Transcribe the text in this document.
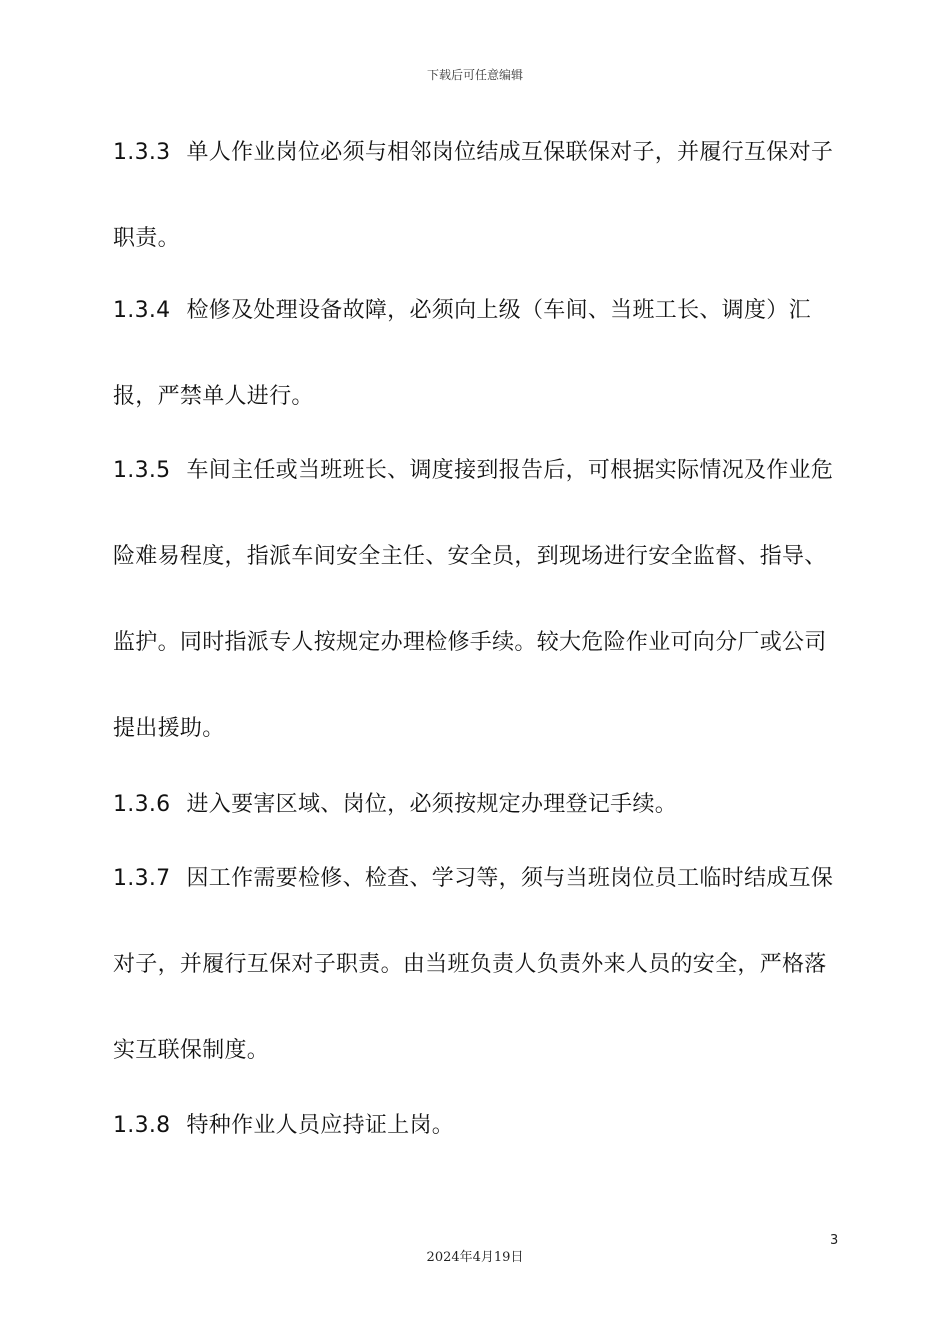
下载后可任意编辑

1.3.3 单人作业岗位必须与相邻岗位结成互保联保对子，并履行互保对子职责。

1.3.4 检修及处理设备故障，必须向上级（车间、当班工长、调度）汇报，严禁单人进行。

1.3.5 车间主任或当班班长、调度接到报告后，可根据实际情况及作业危险难易程度，指派车间安全主任、安全员，到现场进行安全监督、指导、监护。同时指派专人按规定办理检修手续。较大危险作业可向分厂或公司提出援助。

1.3.6 进入要害区域、岗位，必须按规定办理登记手续。

1.3.7 因工作需要检修、检查、学习等，须与当班岗位员工临时结成互保对子，并履行互保对子职责。由当班负责人负责外来人员的安全，严格落实互联保制度。

1.3.8 特种作业人员应持证上岗。

3
2024年4月19日
